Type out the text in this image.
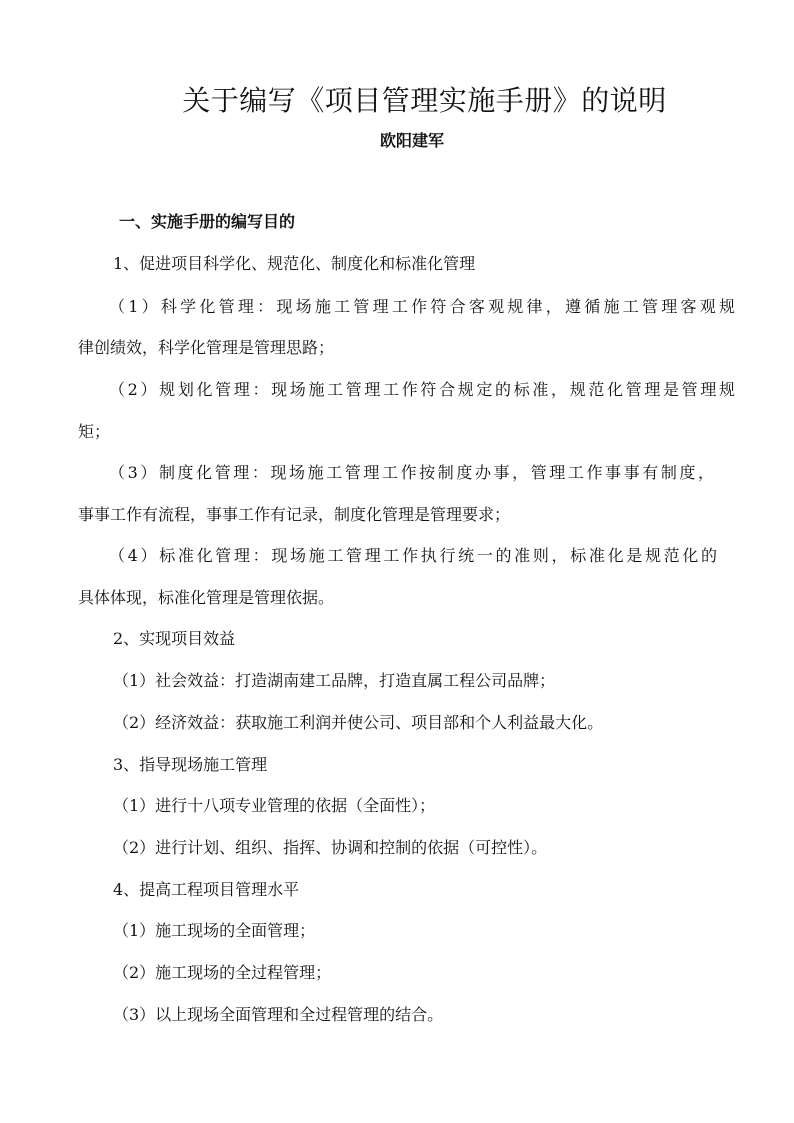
关于编写《项目管理实施手册》的说明
欧阳建军
一、实施手册的编写目的
1、促进项目科学化、规范化、制度化和标准化管理
（1）科学化管理：现场施工管理工作符合客观规律，遵循施工管理客观规
律创绩效，科学化管理是管理思路；
（2）规划化管理：现场施工管理工作符合规定的标准，规范化管理是管理规
矩；
（3）制度化管理：现场施工管理工作按制度办事，管理工作事事有制度，
事事工作有流程，事事工作有记录，制度化管理是管理要求；
（4）标准化管理：现场施工管理工作执行统一的准则，标准化是规范化的
具体体现，标准化管理是管理依据。
2、实现项目效益
（1）社会效益：打造湖南建工品牌，打造直属工程公司品牌；
（2）经济效益：获取施工利润并使公司、项目部和个人利益最大化。
3、指导现场施工管理
（1）进行十八项专业管理的依据（全面性）；
（2）进行计划、组织、指挥、协调和控制的依据（可控性）。
4、提高工程项目管理水平
（1）施工现场的全面管理；
（2）施工现场的全过程管理；
（3）以上现场全面管理和全过程管理的结合。
